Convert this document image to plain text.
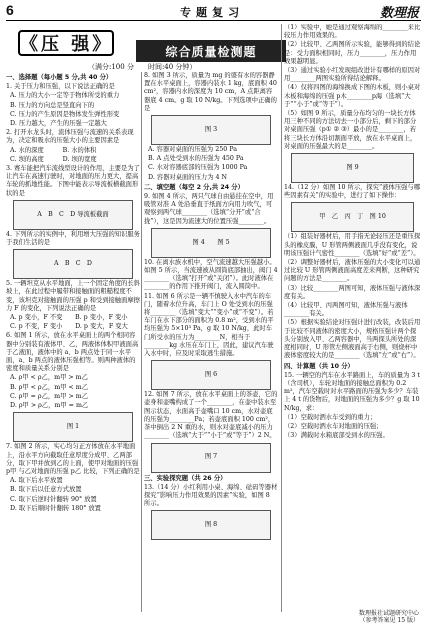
6	专 题 复 习	数理报
《压 强》	综合质量检测题
（满分:100 分　　时间:40 分钟）

一、选择题（每小题 5 分,共 40 分）

1. 关于压力和压强，以下说法正确的是

A. 压力的大小一定等于物体所受的重力

B. 压力的方向总是竖直向下的

C. 压力的产生原因是物体发生弹性形变

D. 压力越大，产生的压强一定越大

2. 打开水龙头时，流体压强与流速的关系表现为，决定和吸水的压强大小的主要因素是

A. 水的深度　　　B. 水的体积

C. 坝的高度　　　D. 坝的宽度

3. 赛车能把汽车流线型设计的作用，主要是为了让汽车在高速行驶时，对地面的压力更大，提高车轮的抓地性能。下图中能表示导流板横截面形状的是

A　B　C　D 导流板截面

4. 下列所示的实例中，利用增大压强的知识服务于我们生活的是

A　B　C　D

5. 一辆坦克从水平地面，上一个固定角度的长斜坡上，在此过程中履带和接触面的粗糙程度不变，该坦克对接触面的压强 p 和受到接触面摩擦力 F 的变化，下列说法正确的是

A. p 变小，F 不变　　B. p 变小，F 变小

C. p 不变，F 变小　　D. p 变大，F 变大

6. 如图 1 所示，放在水平桌面上的两个相同容器中分别装有液体甲、乙，两液体体积甲液面高于乙液面，液体中的 a、b 两点处于同一水平面，a、b 两点的液体压强相等。则两种液体的密度和质量关系分别是

A. ρ甲 < ρ乙，m甲 > m乙

B. ρ甲 < ρ乙，m甲 < m乙

C. ρ甲 = ρ乙，m甲 > m乙

D. ρ甲 > ρ乙，m甲 = m乙

图 1

7. 如图 2 所示，实心均匀正方体放在水平地面上，沿水平方向截取任意厚度分成甲、乙两部分，取下甲并放到乙的上面，使甲对地面的压强 p甲 与乙对地面的压强 p乙 比较，下列正确的是

A. 取下后水平放置

B. 取下后以任意方式放置

C. 取下后逆时针翻转 90° 放置

D. 取下后顺时针翻转 180° 放置

8. 如图 3 所示，质量为 mg 的盛有水的容器静置在水平桌面上，容器内装水 1 kg，底面积 40 cm²，容器内水的深度为 10 cm，A 点距离容器底 4 cm。g 取 10 N/kg。下列选项中正确的是

图 3

A. 容器对桌面的压强为 250 Pa

B. A 点处受到水的压强为 450 Pa

C. 水对容器底部的压强为 1000 Pa

D. 容器对桌面的压力为 4 N

二、填空题（每空 2 分,共 24 分）

9. 如图 4 所示，两只气球自由悬挂在空中，用吸管对准 A 处沿垂直于纸面方向用力吹气，可观察到两气球________（选填“分开”或“合拢”），这是因为流速大的位置压强________。

图 4　　图 5

10. 在离水族水机中，空气流速越大压强越小。如图 5 所示，当流速被从圆筒底部抽出，阀门 4 ________（选填“打开”或“关闭”）。此时液体在________的作用下推开阀门，流入圆筒中。

11. 如图 6 所示是一辆不慎驶入水中汽车的车门，随着水位升高，车门上 O 处受到水的压强将________（选填“变大”“变小”或“不变”）。若车门在水下部分的面积为 0.8 m²，受到水的平均压强为 5×10³ Pa，g 取 10 N/kg，此时车门所受水的压力为________N，相当于________kg 水压在车门上，因此，建议汽车驶入水中时，应及时采取逃生措施。

图 6

12. 如图 7 所示，放在水平桌面上的茶壶，它的壶身和壶嘴构成了一个________，在壶中装水至图示状态，水面高于壶嘴口 10 cm，水对壶底的压强为________Pa；若壶底面积 100 cm²，茶中倒出 2 N 重的水，则水对壶底减小的压力________（选填“大于”“小于”或“等于”）2 N。

图 7

三、实验探究题（共 26 分）

13.（14 分）小红利用小桌、海绵、砝码等器材探究“影响压力作用效果的因素”实验，如图 8 所示。

图 8

（1）实验中，她是通过观察海绵的________来比较压力作用效果的。

（2）比较甲、乙两图所示实验，能够得到的结论是：受力面积相同时，压力________，压力作用效果越明显。

（3）通过实验小红发现组改进计有哪样的原因对用________两图实验所得结论解释。

（4）仅将四图的海绵换成下图的木板，则小桌对木板和海绵的压强 p木________p海（选填“大于”“小于”或“等于”）。

（5）如图 9 所示，质量分布均匀的一块长方体用三种不同的方法切去一小部分后，剩下的部分对桌面压强（p① ② ③）最小的是________，若将三块长方体沿切割面平放，放在水平桌面上，对桌面的压强最大的是________。

图 9

14.（12 分）如图 10 所示，探究“液体压强与哪些因素有关”的实验中，进行了如下操作：

甲　乙　丙　丁　图 10

（1）组装好器材后，用手指无论轻压还是重压探头的橡皮膜，U 形管两侧液面几乎没有变化，说明该压强计气密性________（选填“好”或“差”）。

（2）调整好器材后，液体压强的大小变化可以通过比较 U 形管两侧液面高度差来判断，这种研究问题的方法是________。

（3）比较________两图可知，液体压强与液体深度有关。

（4）比较甲、丙两图可知，液体压强与液体________有关。

（5）根据实验结论对压强计进行改装，改装后用于比较不同液体的密度大小，规格压强计两个探头分别放入甲、乙两容器中，当两探头所处的深度相同时，U 形管左侧液面高于右侧，则烧杯中液体密度较大的是________（选填“左”或“右”）。

四、计算题（共 10 分）

15. 一辆空的汽车在水平路面上，车的质量为 3 t（含司机），车轮对地面的接触总面积为 0.2 m²，汽车空载时对水平路面的压强为多少？车装上 4 t 的货物后，对地面的压强为多少？g 取 10 N/kg，求：

（1）空载时洒水车受到的重力；

（2）空载时洒水车对地面的压强；

（3）满载时水箱底部受到水的压强。

数理报社试题研究中心
（参考答案见 15 版）
